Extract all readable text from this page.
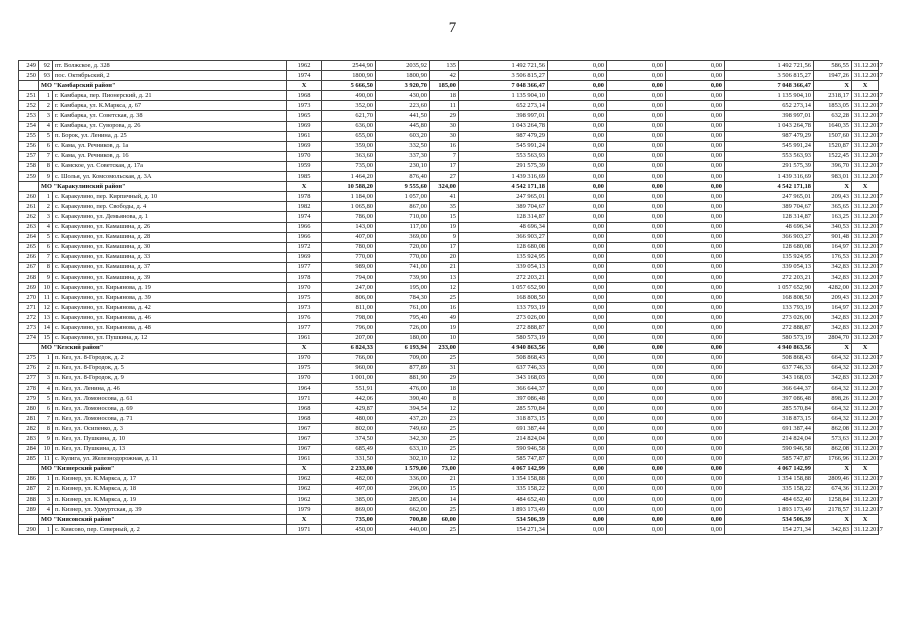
7
249	92	пт. Волжское, д. 328	1962	2544,90	2035,92	135	1 492 721,56	0,00	0,00	0,00	1 492 721,56	586,55	31.12.2017
250	93	пос. Октябрьский, 2	1974	1800,90	1800,90	42	3 506 815,27	0,00	0,00	0,00	3 506 815,27	1947,26	31.12.2017
	МО "Камбарский район"		X	5 666,50	3 920,70	185,00	7 048 366,47	0,00	0,00	0,00	7 048 366,47	X	X
251	1	г. Камбарка, пер. Пионерский, д. 21	1968	490,00	430,00	18	1 135 904,10	0,00	0,00	0,00	1 135 904,10	2318,17	31.12.2017
252	2	г. Камбарка, ул. К.Маркса, д. 67	1973	352,00	223,60	11	652 273,14	0,00	0,00	0,00	652 273,14	1853,05	31.12.2017
253	3	г. Камбарка, ул. Советская, д. 38	1965	621,70	441,50	29	398 997,01	0,00	0,00	0,00	398 997,01	632,28	31.12.2017
254	4	г. Камбарка, ул. Суворова, д. 26	1969	636,00	445,80	30	1 043 264,78	0,00	0,00	0,00	1 043 264,78	1640,35	31.12.2017
255	5	п. Борок, ул. Ленина, д. 25	1961	655,00	603,20	30	987 479,29	0,00	0,00	0,00	987 479,29	1507,60	31.12.2017
256	6	с. Кама, ул. Речников, д. 1а	1969	359,00	332,50	16	545 991,24	0,00	0,00	0,00	545 991,24	1520,87	31.12.2017
257	7	с. Кама, ул. Речников, д. 16	1970	363,60	337,30	7	553 563,93	0,00	0,00	0,00	553 563,93	1522,45	31.12.2017
258	8	с. Камское, ул. Советская, д. 17а	1959	735,00	230,10	17	291 575,39	0,00	0,00	0,00	291 575,39	396,70	31.12.2017
259	9	с. Шолья, ул. Комсомольская, д. 3А	1985	1 464,20	876,40	27	1 439 316,69	0,00	0,00	0,00	1 439 316,69	983,01	31.12.2017
	МО "Каракулинский район"		X	10 588,20	9 555,60	324,00	4 542 171,18	0,00	0,00	0,00	4 542 171,18	X	X
260	1	с. Каракулино, пер. Кирпичный, д. 10	1978	1 184,00	1 057,00	41	247 965,01	0,00	0,00	0,00	247 965,01	209,43	31.12.2017
261	2	с. Каракулино, пер. Свободы, д. 4	1982	1 065,80	867,00	35	389 704,67	0,00	0,00	0,00	389 704,67	365,65	31.12.2017
262	3	с. Каракулино, ул. Демьянова, д. 1	1974	786,00	710,00	15	128 314,87	0,00	0,00	0,00	128 314,87	163,25	31.12.2017
263	4	с. Каракулино, ул. Камашина, д. 26	1966	143,00	117,00	19	48 696,34	0,00	0,00	0,00	48 696,34	340,53	31.12.2017
264	5	с. Каракулино, ул. Камашина, д. 28	1966	407,00	369,00	9	366 903,27	0,00	0,00	0,00	366 903,27	901,48	31.12.2017
265	6	с. Каракулино, ул. Камашина, д. 30	1972	780,00	720,00	17	128 680,08	0,00	0,00	0,00	128 680,08	164,97	31.12.2017
266	7	с. Каракулино, ул. Камашина, д. 33	1969	770,00	770,00	20	135 924,95	0,00	0,00	0,00	135 924,95	176,53	31.12.2017
267	8	с. Каракулино, ул. Камашина, д. 37	1977	989,00	741,00	21	339 054,13	0,00	0,00	0,00	339 054,13	342,83	31.12.2017
268	9	с. Каракулино, ул. Камашина, д. 39	1978	794,00	739,90	13	272 203,21	0,00	0,00	0,00	272 203,21	342,83	31.12.2017
269	10	с. Каракулино, ул. Кирьянова, д. 19	1970	247,00	195,00	12	1 057 652,90	0,00	0,00	0,00	1 057 652,90	4282,00	31.12.2017
270	11	с. Каракулино, ул. Кирьянова, д. 39	1975	806,00	784,30	25	168 808,50	0,00	0,00	0,00	168 808,50	209,43	31.12.2017
271	12	с. Каракулино, ул. Кирьянова, д. 42	1973	811,00	761,00	16	133 793,19	0,00	0,00	0,00	133 793,19	164,97	31.12.2017
272	13	с. Каракулино, ул. Кирьянова, д. 46	1976	798,00	795,40	49	273 026,00	0,00	0,00	0,00	273 026,00	342,83	31.12.2017
273	14	с. Каракулино, ул. Кирьянова, д. 48	1977	796,00	726,00	19	272 888,87	0,00	0,00	0,00	272 888,87	342,83	31.12.2017
274	15	с. Каракулино, ул. Пушкина, д. 12	1961	207,00	180,00	10	580 573,19	0,00	0,00	0,00	580 573,19	2804,70	31.12.2017
	МО "Кезский район"		X	6 824,33	6 193,94	233,00	4 940 863,56	0,00	0,00	0,00	4 940 863,56	X	X
275	1	п. Кез, ул. 8-Городок, д. 2	1970	766,00	709,00	25	508 868,43	0,00	0,00	0,00	508 868,43	664,32	31.12.2017
276	2	п. Кез, ул. 8-Городок, д. 5	1975	960,00	877,89	31	637 746,33	0,00	0,00	0,00	637 746,33	664,32	31.12.2017
277	3	п. Кез, ул. 8-Городок, д. 9	1970	1 001,00	881,90	29	343 168,03	0,00	0,00	0,00	343 168,03	342,83	31.12.2017
278	4	п. Кез, ул. Ленина, д. 46	1964	551,91	476,00	18	366 644,37	0,00	0,00	0,00	366 644,37	664,32	31.12.2017
279	5	п. Кез, ул. Ломоносова, д. 61	1971	442,06	390,40	8	397 086,48	0,00	0,00	0,00	397 086,48	898,26	31.12.2017
280	6	п. Кез, ул. Ломоносова, д. 69	1968	429,87	394,54	12	285 570,84	0,00	0,00	0,00	285 570,84	664,32	31.12.2017
281	7	п. Кез, ул. Ломоносова, д. 71	1968	480,00	437,20	23	318 873,15	0,00	0,00	0,00	318 873,15	664,32	31.12.2017
282	8	п. Кез, ул. Осипенко, д. 3	1967	802,00	749,60	25	691 387,44	0,00	0,00	0,00	691 387,44	862,08	31.12.2017
283	9	п. Кез, ул. Пушкина, д. 10	1967	374,50	342,30	25	214 824,04	0,00	0,00	0,00	214 824,04	573,63	31.12.2017
284	10	п. Кез, ул. Пушкина, д. 13	1967	685,49	633,10	25	590 946,58	0,00	0,00	0,00	590 946,58	862,08	31.12.2017
285	11	с. Кулига, ул. Железнодорожная, д. 11	1961	331,50	302,10	12	585 747,87	0,00	0,00	0,00	585 747,87	1766,96	31.12.2017
	МО "Кизнерский район"		X	2 233,00	1 579,00	73,00	4 067 142,99	0,00	0,00	0,00	4 067 142,99	X	X
286	1	п. Кизнер, ул. К.Маркса, д. 17	1962	482,00	336,00	21	1 354 158,88	0,00	0,00	0,00	1 354 158,88	2809,46	31.12.2017
287	2	п. Кизнер, ул. К.Маркса, д. 18	1962	497,00	296,00	15	335 158,22	0,00	0,00	0,00	335 158,22	674,36	31.12.2017
288	3	п. Кизнер, ул. К.Маркса, д. 19	1962	385,00	285,00	14	484 652,40	0,00	0,00	0,00	484 652,40	1258,84	31.12.2017
289	4	п. Кизнер, ул. Удмуртская, д. 39	1979	869,00	662,00	25	1 893 173,49	0,00	0,00	0,00	1 893 173,49	2178,57	31.12.2017
	МО "Киясовский район"		X	735,00	700,80	60,00	534 506,39	0,00	0,00	0,00	534 506,39	X	X
290	1	с. Киясово, пер. Северный, д. 2	1971	450,00	440,00	25	154 271,34	0,00	0,00	0,00	154 271,34	342,83	31.12.2017
